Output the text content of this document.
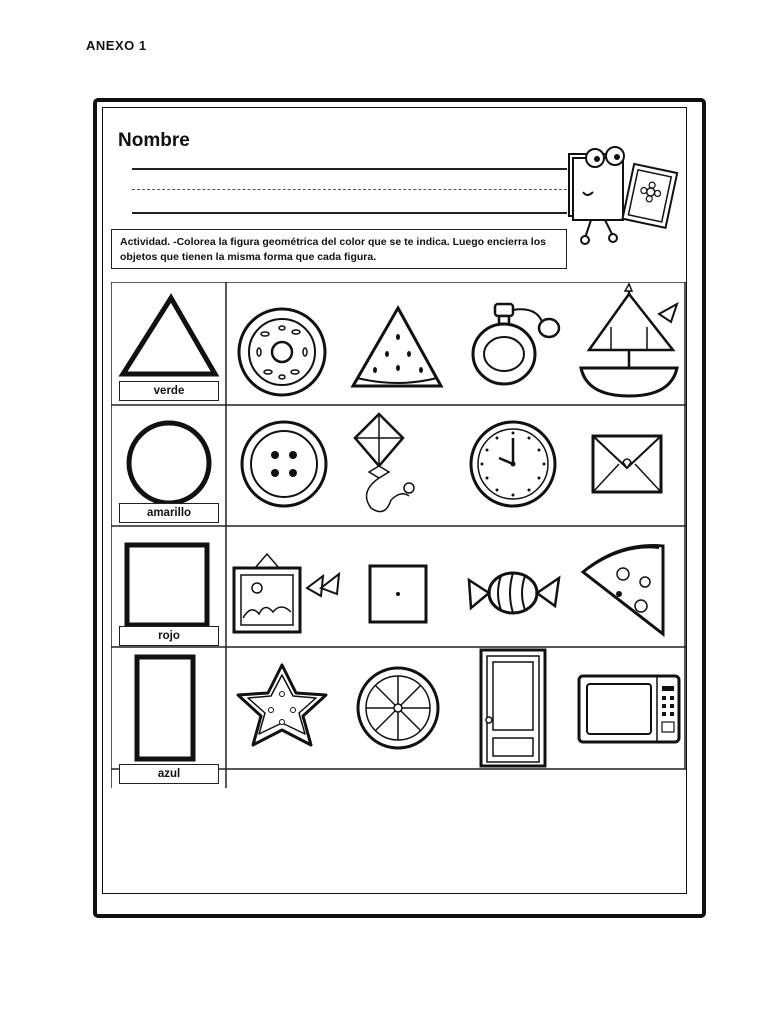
ANEXO 1
Nombre
Actividad. -Colorea la figura geométrica del color que se te indica. Luego encierra los objetos que tienen la misma forma que cada figura.
verde
amarillo
rojo
azul
